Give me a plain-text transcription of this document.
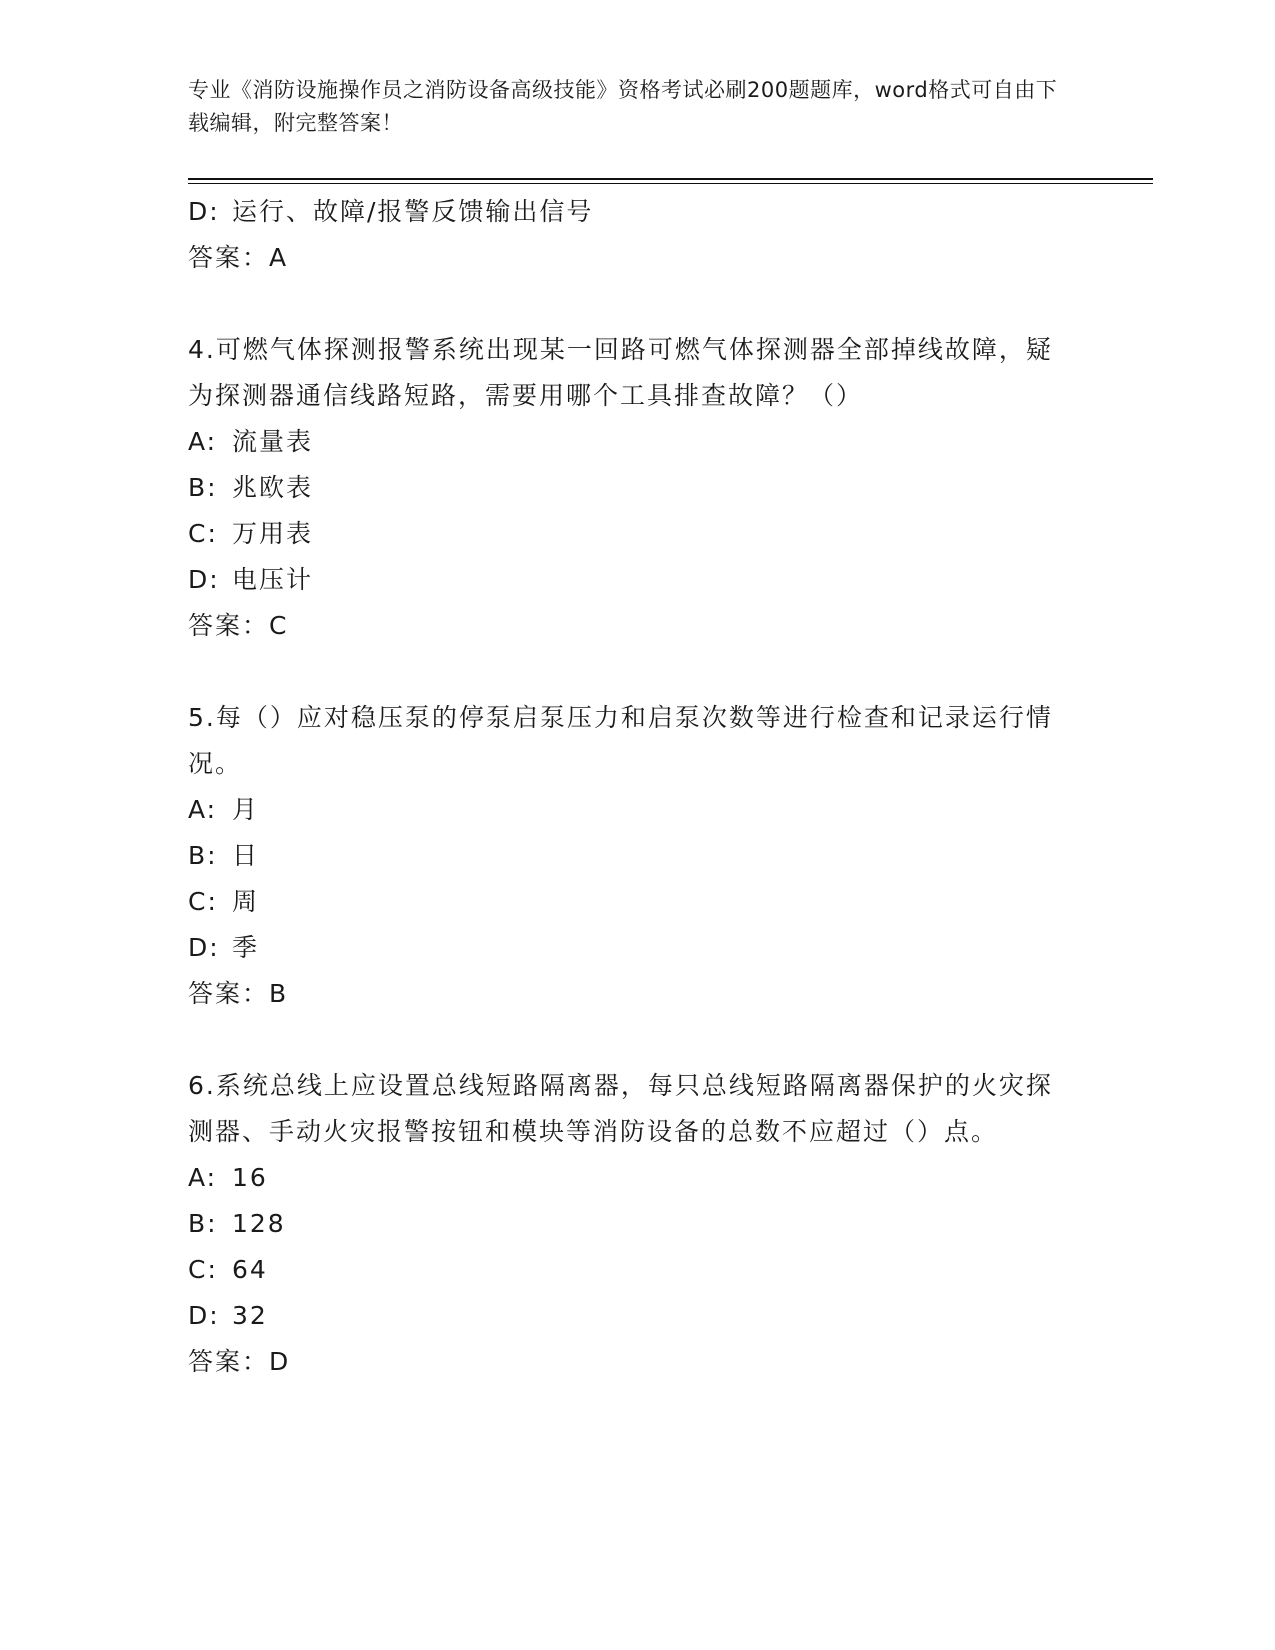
专业《消防设施操作员之消防设备高级技能》资格考试必刷200题题库，word格式可自由下载编辑，附完整答案！
D: 运行、故障/报警反馈输出信号
答案：A
4.可燃气体探测报警系统出现某一回路可燃气体探测器全部掉线故障，疑为探测器通信线路短路，需要用哪个工具排查故障？（）
A: 流量表
B: 兆欧表
C: 万用表
D: 电压计
答案：C
5.每（）应对稳压泵的停泵启泵压力和启泵次数等进行检查和记录运行情况。
A: 月
B: 日
C: 周
D: 季
答案：B
6.系统总线上应设置总线短路隔离器，每只总线短路隔离器保护的火灾探测器、手动火灾报警按钮和模块等消防设备的总数不应超过（）点。
A: 16
B: 128
C: 64
D: 32
答案：D
